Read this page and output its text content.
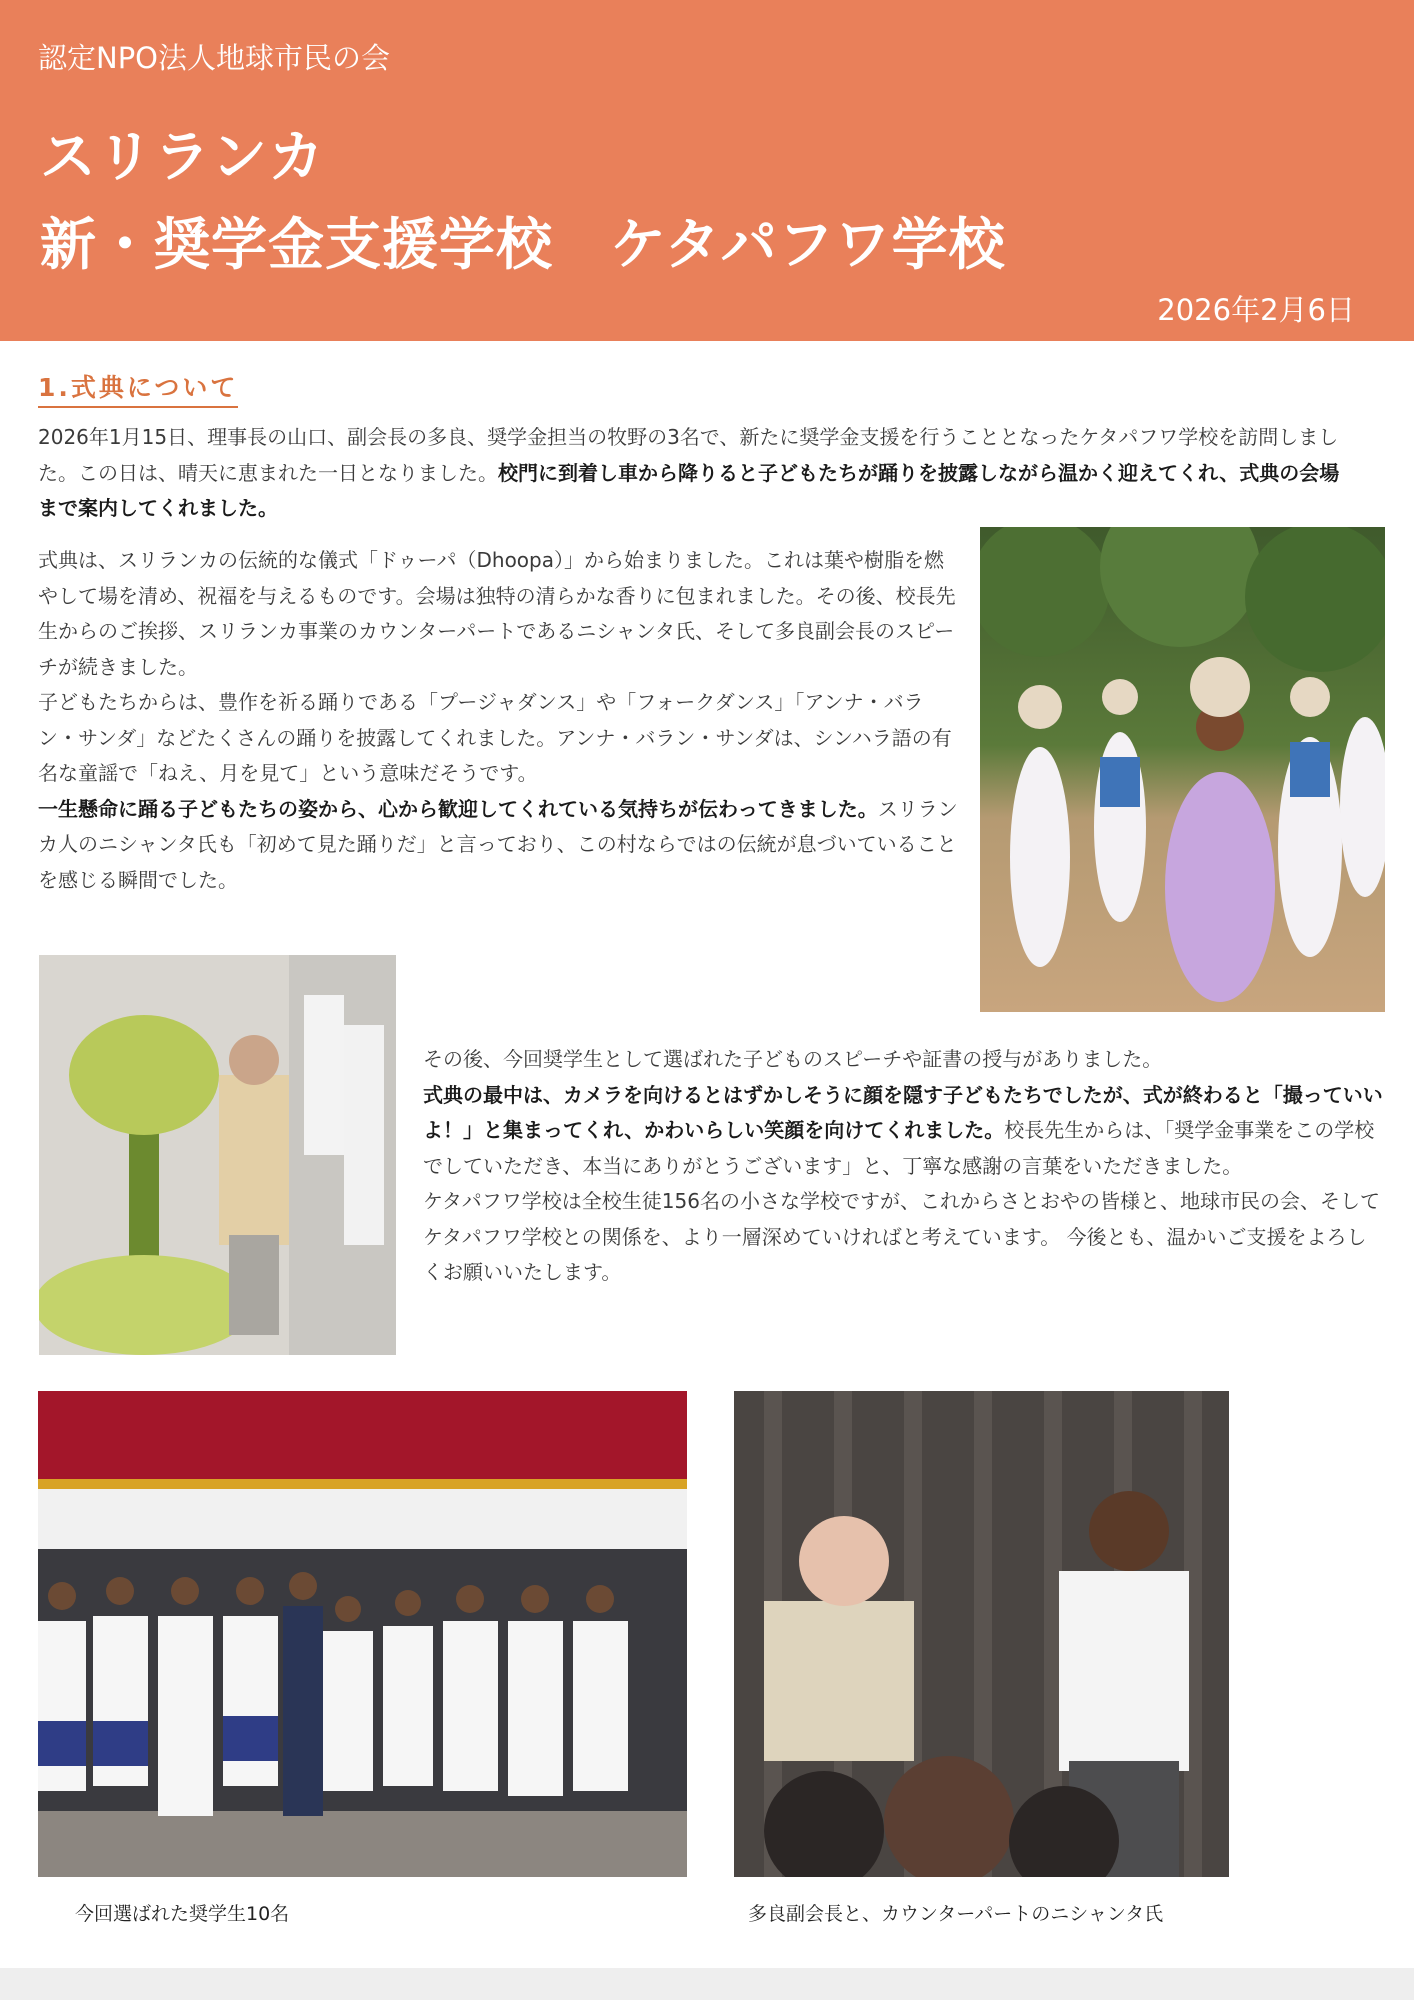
認定NPO法人地球市民の会
スリランカ
新・奨学金支援学校　ケタパフワ学校
2026年2月6日
1.式典について

2026年1月15日、理事長の山口、副会長の多良、奨学金担当の牧野の3名で、新たに奨学金支援を行うこととなったケタパフワ学校を訪問しました。この日は、晴天に恵まれた一日となりました。校門に到着し車から降りると子どもたちが踊りを披露しながら温かく迎えてくれ、式典の会場まで案内してくれました。

式典は、スリランカの伝統的な儀式「ドゥーパ（Dhoopa）」から始まりました。これは葉や樹脂を燃やして場を清め、祝福を与えるものです。会場は独特の清らかな香りに包まれました。その後、校長先生からのご挨拶、スリランカ事業のカウンターパートであるニシャンタ氏、そして多良副会長のスピーチが続きました。

子どもたちからは、豊作を祈る踊りである「プージャダンス」や「フォークダンス」「アンナ・バラン・サンダ」などたくさんの踊りを披露してくれました。アンナ・バラン・サンダは、シンハラ語の有名な童謡で「ねえ、月を見て」という意味だそうです。

一生懸命に踊る子どもたちの姿から、心から歓迎してくれている気持ちが伝わってきました。スリランカ人のニシャンタ氏も「初めて見た踊りだ」と言っており、この村ならではの伝統が息づいていることを感じる瞬間でした。

その後、今回奨学生として選ばれた子どものスピーチや証書の授与がありました。

式典の最中は、カメラを向けるとはずかしそうに顔を隠す子どもたちでしたが、式が終わると「撮っていいよ！」と集まってくれ、かわいらしい笑顔を向けてくれました。校長先生からは、「奨学金事業をこの学校でしていただき、本当にありがとうございます」と、丁寧な感謝の言葉をいただきました。

ケタパフワ学校は全校生徒156名の小さな学校ですが、これからさとおやの皆様と、地球市民の会、そしてケタパフワ学校との関係を、より一層深めていければと考えています。 今後とも、温かいご支援をよろしくお願いいたします。

今回選ばれた奨学生10名	多良副会長と、カウンターパートのニシャンタ氏
